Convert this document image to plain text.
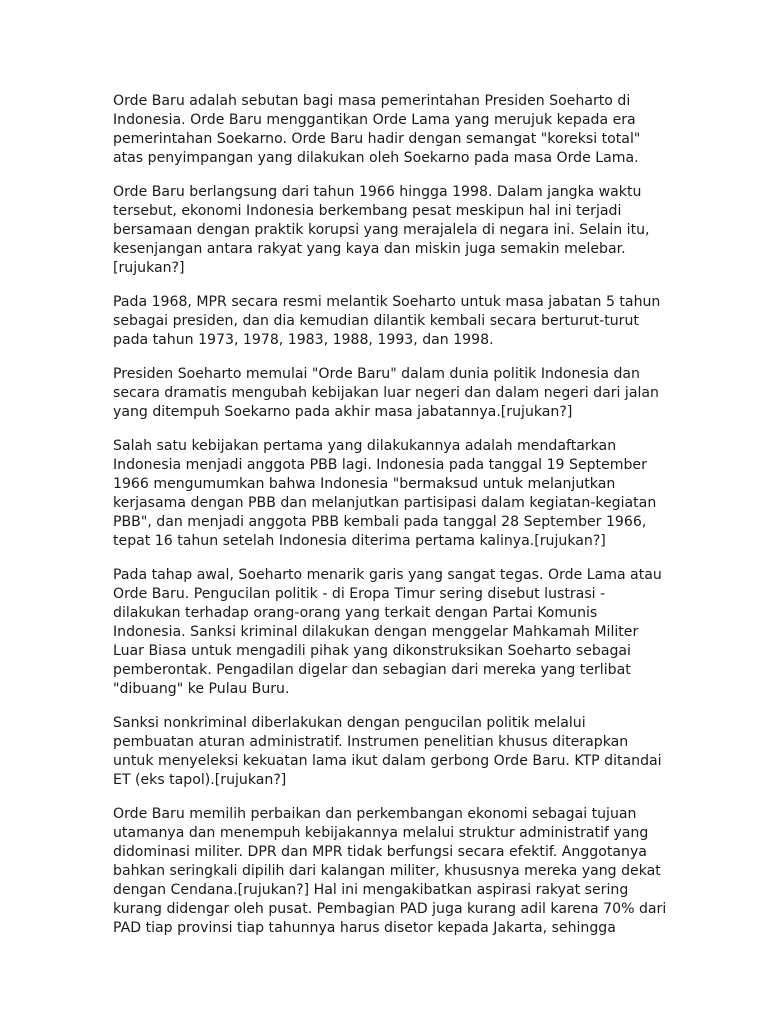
Orde Baru adalah sebutan bagi masa pemerintahan Presiden Soeharto di
Indonesia. Orde Baru menggantikan Orde Lama yang merujuk kepada era
pemerintahan Soekarno. Orde Baru hadir dengan semangat "koreksi total"
atas penyimpangan yang dilakukan oleh Soekarno pada masa Orde Lama.

Orde Baru berlangsung dari tahun 1966 hingga 1998. Dalam jangka waktu
tersebut, ekonomi Indonesia berkembang pesat meskipun hal ini terjadi
bersamaan dengan praktik korupsi yang merajalela di negara ini. Selain itu,
kesenjangan antara rakyat yang kaya dan miskin juga semakin melebar.
[rujukan?]

Pada 1968, MPR secara resmi melantik Soeharto untuk masa jabatan 5 tahun
sebagai presiden, dan dia kemudian dilantik kembali secara berturut-turut
pada tahun 1973, 1978, 1983, 1988, 1993, dan 1998.

Presiden Soeharto memulai "Orde Baru" dalam dunia politik Indonesia dan
secara dramatis mengubah kebijakan luar negeri dan dalam negeri dari jalan
yang ditempuh Soekarno pada akhir masa jabatannya.[rujukan?]

Salah satu kebijakan pertama yang dilakukannya adalah mendaftarkan
Indonesia menjadi anggota PBB lagi. Indonesia pada tanggal 19 September
1966 mengumumkan bahwa Indonesia "bermaksud untuk melanjutkan
kerjasama dengan PBB dan melanjutkan partisipasi dalam kegiatan-kegiatan
PBB", dan menjadi anggota PBB kembali pada tanggal 28 September 1966,
tepat 16 tahun setelah Indonesia diterima pertama kalinya.[rujukan?]

Pada tahap awal, Soeharto menarik garis yang sangat tegas. Orde Lama atau
Orde Baru. Pengucilan politik - di Eropa Timur sering disebut lustrasi -
dilakukan terhadap orang-orang yang terkait dengan Partai Komunis
Indonesia. Sanksi kriminal dilakukan dengan menggelar Mahkamah Militer
Luar Biasa untuk mengadili pihak yang dikonstruksikan Soeharto sebagai
pemberontak. Pengadilan digelar dan sebagian dari mereka yang terlibat
"dibuang" ke Pulau Buru.

Sanksi nonkriminal diberlakukan dengan pengucilan politik melalui
pembuatan aturan administratif. Instrumen penelitian khusus diterapkan
untuk menyeleksi kekuatan lama ikut dalam gerbong Orde Baru. KTP ditandai
ET (eks tapol).[rujukan?]

Orde Baru memilih perbaikan dan perkembangan ekonomi sebagai tujuan
utamanya dan menempuh kebijakannya melalui struktur administratif yang
didominasi militer. DPR dan MPR tidak berfungsi secara efektif. Anggotanya
bahkan seringkali dipilih dari kalangan militer, khususnya mereka yang dekat
dengan Cendana.[rujukan?] Hal ini mengakibatkan aspirasi rakyat sering
kurang didengar oleh pusat. Pembagian PAD juga kurang adil karena 70% dari
PAD tiap provinsi tiap tahunnya harus disetor kepada Jakarta, sehingga
